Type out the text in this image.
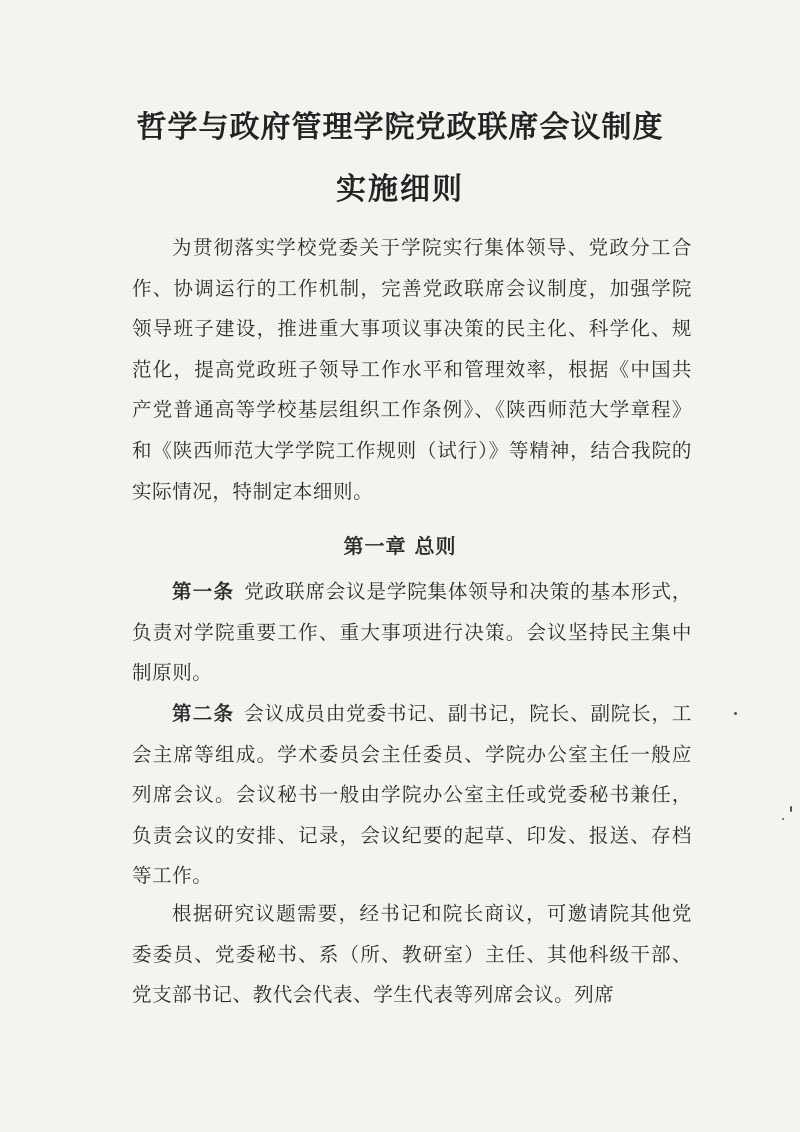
哲学与政府管理学院党政联席会议制度
实施细则

为贯彻落实学校党委关于学院实行集体领导、党政分工合作、协调运行的工作机制，完善党政联席会议制度，加强学院领导班子建设，推进重大事项议事决策的民主化、科学化、规范化，提高党政班子领导工作水平和管理效率，根据《中国共产党普通高等学校基层组织工作条例》、《陕西师范大学章程》和《陕西师范大学学院工作规则（试行）》等精神，结合我院的实际情况，特制定本细则。

第一章 总则

第一条 党政联席会议是学院集体领导和决策的基本形式，负责对学院重要工作、重大事项进行决策。会议坚持民主集中制原则。

第二条 会议成员由党委书记、副书记，院长、副院长，工会主席等组成。学术委员会主任委员、学院办公室主任一般应列席会议。会议秘书一般由学院办公室主任或党委秘书兼任，负责会议的安排、记录，会议纪要的起草、印发、报送、存档等工作。

根据研究议题需要，经书记和院长商议，可邀请院其他党委委员、党委秘书、系（所、教研室）主任、其他科级干部、党支部书记、教代会代表、学生代表等列席会议。列席
